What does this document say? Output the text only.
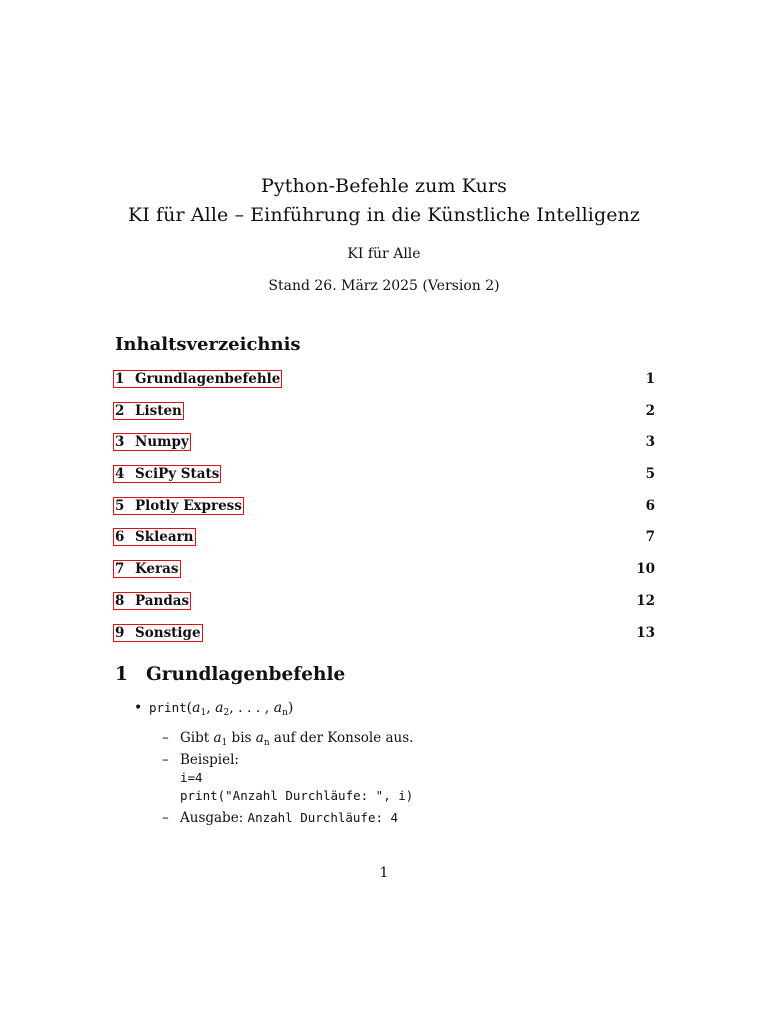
Python-Befehle zum Kurs
KI für Alle – Einführung in die Künstliche Intelligenz
KI für Alle
Stand 26. März 2025 (Version 2)
Inhaltsverzeichnis
1 Grundlagenbefehle	1
2 Listen	2
3 Numpy	3
4 SciPy Stats	5
5 Plotly Express	6
6 Sklearn	7
7 Keras	10
8 Pandas	12
9 Sonstige	13
1 Grundlagenbefehle
• $print(a_1$, $a_2$, . . . , $a_n$)
– Gibt $a_1$ bis $a_n$ auf der Konsole aus.
– Beispiel:
i=4
print("Anzahl Durchläufe: ", i)
– Ausgabe: Anzahl Durchläufe: 4
1
